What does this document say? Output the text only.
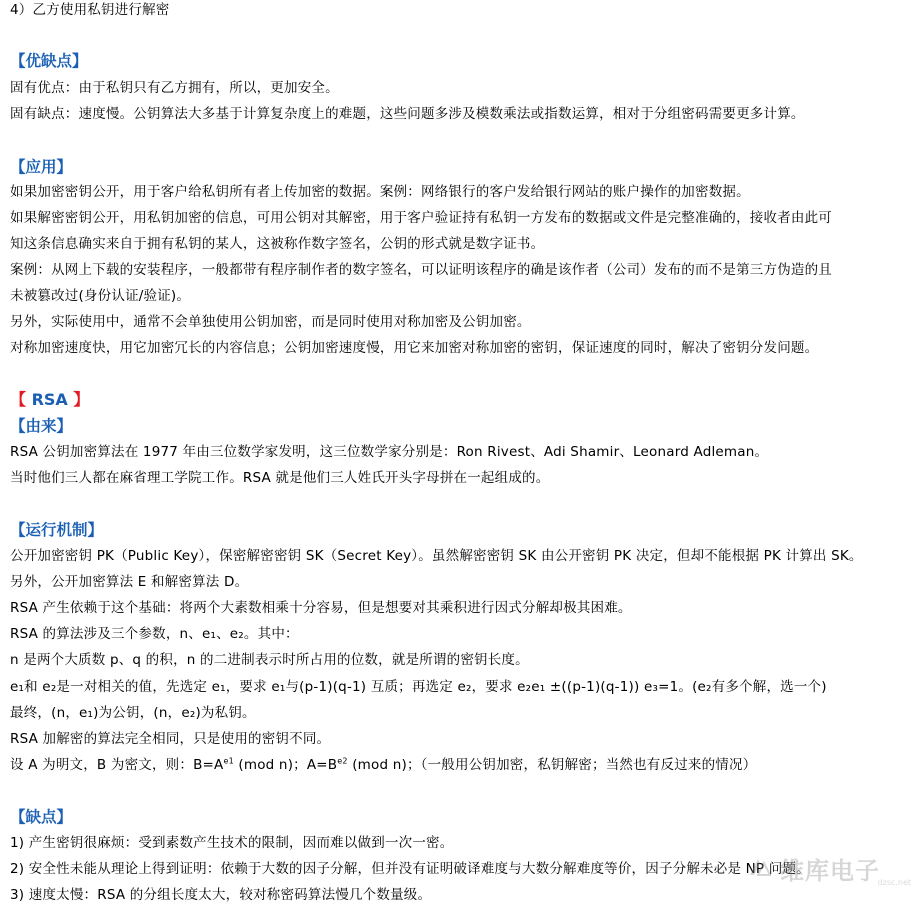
4）乙方使用私钥进行解密
【优缺点】
固有优点：由于私钥只有乙方拥有，所以，更加安全。
固有缺点：速度慢。公钥算法大多基于计算复杂度上的难题，这些问题多涉及模数乘法或指数运算，相对于分组密码需要更多计算。
【应用】
如果加密密钥公开，用于客户给私钥所有者上传加密的数据。案例：网络银行的客户发给银行网站的账户操作的加密数据。
如果解密密钥公开，用私钥加密的信息，可用公钥对其解密，用于客户验证持有私钥一方发布的数据或文件是完整准确的，接收者由此可
知这条信息确实来自于拥有私钥的某人，这被称作数字签名，公钥的形式就是数字证书。
案例：从网上下载的安装程序，一般都带有程序制作者的数字签名，可以证明该程序的确是该作者（公司）发布的而不是第三方伪造的且
未被篡改过(身份认证/验证)。
另外，实际使用中，通常不会单独使用公钥加密，而是同时使用对称加密及公钥加密。
对称加密速度快，用它加密冗长的内容信息；公钥加密速度慢，用它来加密对称加密的密钥，保证速度的同时，解决了密钥分发问题。
【 RSA 】
【由来】
RSA 公钥加密算法在 1977 年由三位数学家发明，这三位数学家分别是：Ron Rivest、Adi Shamir、Leonard Adleman。
当时他们三人都在麻省理工学院工作。RSA 就是他们三人姓氏开头字母拼在一起组成的。
【运行机制】
公开加密密钥 PK（Public Key），保密解密密钥 SK（Secret Key）。虽然解密密钥 SK 由公开密钥 PK 决定，但却不能根据 PK 计算出 SK。
另外，公开加密算法 E 和解密算法 D。
RSA 产生依赖于这个基础：将两个大素数相乘十分容易，但是想要对其乘积进行因式分解却极其困难。
RSA 的算法涉及三个参数，n、e₁、e₂。其中：
n 是两个大质数 p、q 的积，n 的二进制表示时所占用的位数，就是所谓的密钥长度。
e₁和 e₂是一对相关的值，先选定 e₁，要求 e₁与(p-1)(q-1) 互质；再选定 e₂，要求 e₂e₁ ±((p-1)(q-1)) e₃=1。(e₂有多个解，选一个)
最终，(n，e₁)为公钥，(n，e₂)为私钥。
RSA 加解密的算法完全相同，只是使用的密钥不同。
设 A 为明文，B 为密文，则：$B=A^{e1}$ (mod n)；$A=B^{e2}$ (mod n)；（一般用公钥加密，私钥解密；当然也有反过来的情况）
【缺点】
1) 产生密钥很麻烦：受到素数产生技术的限制，因而难以做到一次一密。
2) 安全性未能从理论上得到证明：依赖于大数的因子分解，但并没有证明破译难度与大数分解难度等价，因子分解未必是 NP 问题。
3) 速度太慢：RSA 的分组长度太大，较对称密码算法慢几个数量级。
维库电子
dzsc.net
